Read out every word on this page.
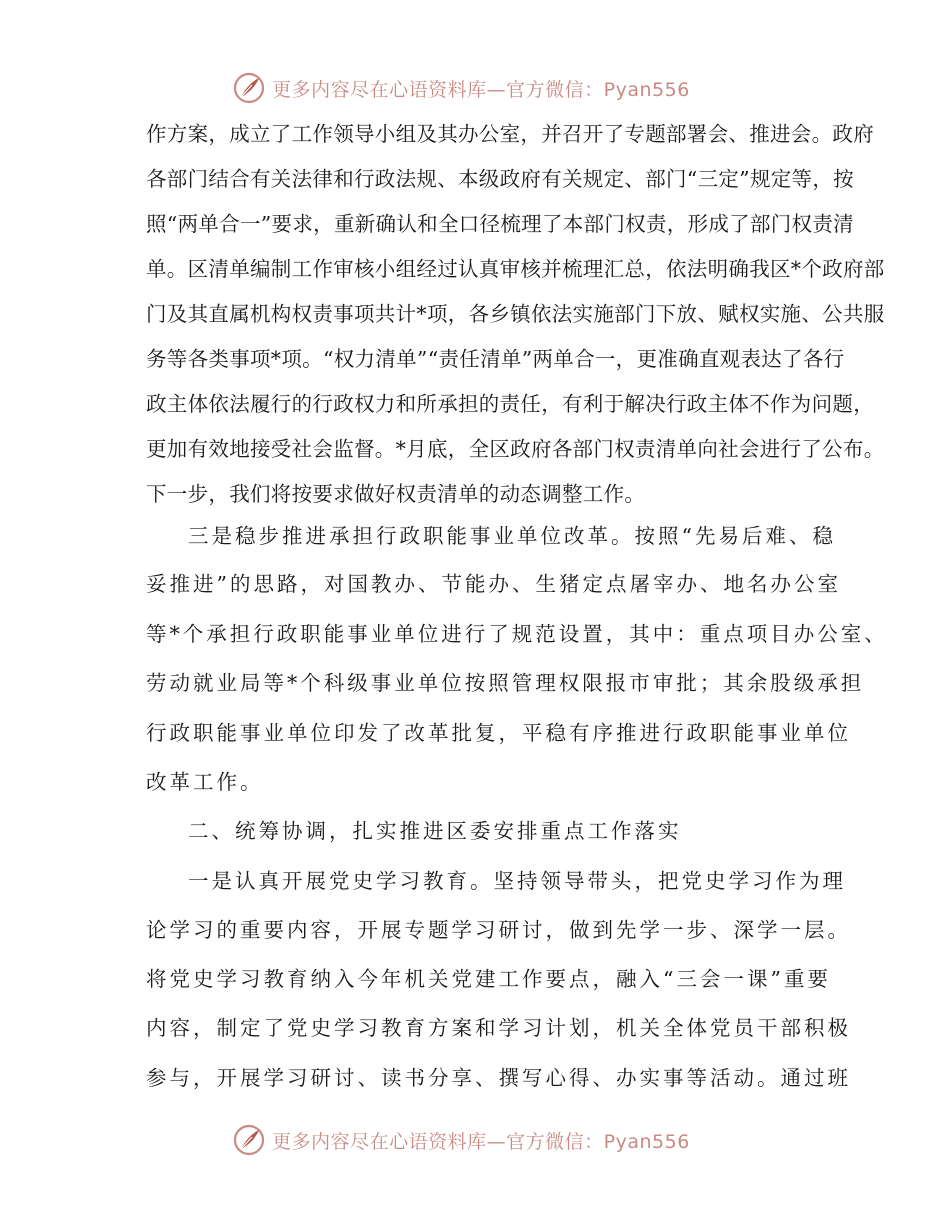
更多内容尽在心语资料库—官方微信：Pyan556
作方案，成立了工作领导小组及其办公室，并召开了专题部署会、推进会。政府
各部门结合有关法律和行政法规、本级政府有关规定、部门“三定”规定等，按
照“两单合一”要求，重新确认和全口径梳理了本部门权责，形成了部门权责清
单。区清单编制工作审核小组经过认真审核并梳理汇总，依法明确我区*个政府部
门及其直属机构权责事项共计*项，各乡镇依法实施部门下放、赋权实施、公共服
务等各类事项*项。“权力清单”“责任清单”两单合一，更准确直观表达了各行
政主体依法履行的行政权力和所承担的责任，有利于解决行政主体不作为问题，
更加有效地接受社会监督。*月底，全区政府各部门权责清单向社会进行了公布。
下一步，我们将按要求做好权责清单的动态调整工作。
三是稳步推进承担行政职能事业单位改革。按照“先易后难、稳
妥推进”的思路，对国教办、节能办、生猪定点屠宰办、地名办公室
等*个承担行政职能事业单位进行了规范设置，其中：重点项目办公室、
劳动就业局等*个科级事业单位按照管理权限报市审批；其余股级承担
行政职能事业单位印发了改革批复，平稳有序推进行政职能事业单位
改革工作。
二、统筹协调，扎实推进区委安排重点工作落实
一是认真开展党史学习教育。坚持领导带头，把党史学习作为理
论学习的重要内容，开展专题学习研讨，做到先学一步、深学一层。
将党史学习教育纳入今年机关党建工作要点，融入“三会一课”重要
内容，制定了党史学习教育方案和学习计划，机关全体党员干部积极
参与，开展学习研讨、读书分享、撰写心得、办实事等活动。通过班
更多内容尽在心语资料库—官方微信：Pyan556
